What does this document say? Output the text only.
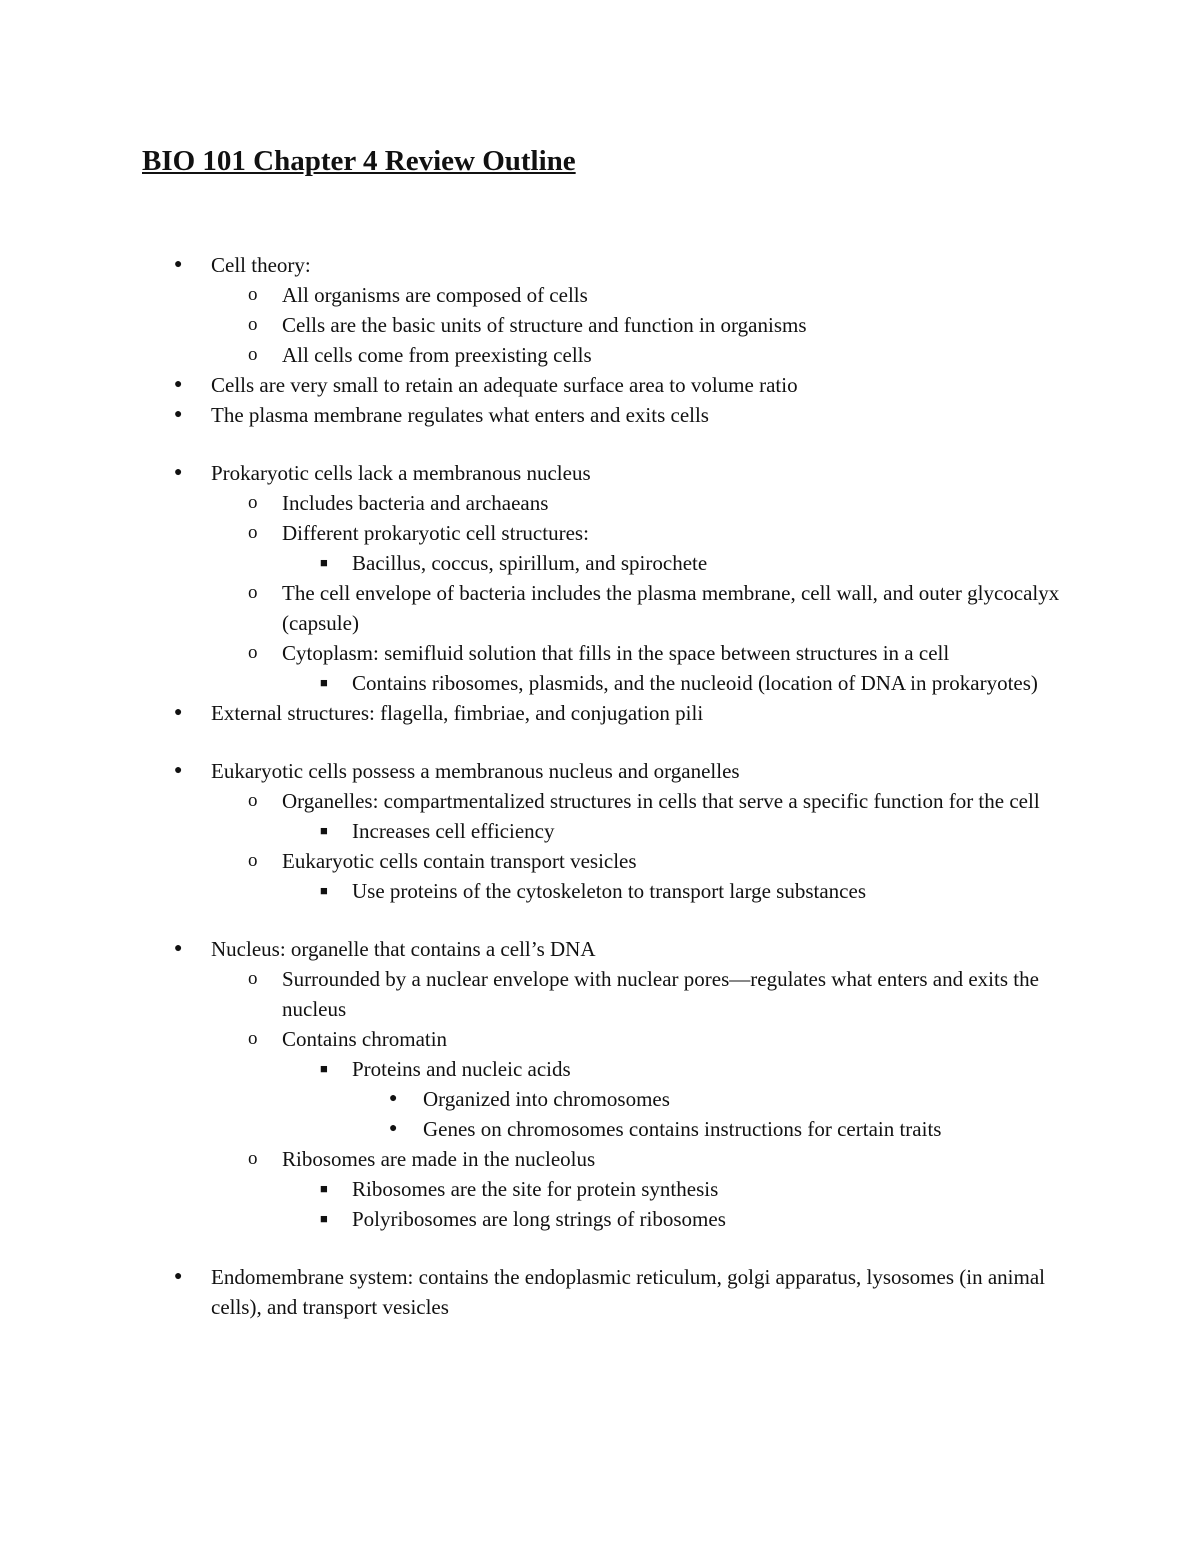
BIO 101 Chapter 4 Review Outline
● Cell theory:
o All organisms are composed of cells
o Cells are the basic units of structure and function in organisms
o All cells come from preexisting cells
● Cells are very small to retain an adequate surface area to volume ratio
● The plasma membrane regulates what enters and exits cells
● Prokaryotic cells lack a membranous nucleus
o Includes bacteria and archaeans
o Different prokaryotic cell structures:
■ Bacillus, coccus, spirillum, and spirochete
o The cell envelope of bacteria includes the plasma membrane, cell wall, and outer glycocalyx (capsule)
o Cytoplasm: semifluid solution that fills in the space between structures in a cell
■ Contains ribosomes, plasmids, and the nucleoid (location of DNA in prokaryotes)
● External structures: flagella, fimbriae, and conjugation pili
● Eukaryotic cells possess a membranous nucleus and organelles
o Organelles: compartmentalized structures in cells that serve a specific function for the cell
■ Increases cell efficiency
o Eukaryotic cells contain transport vesicles
■ Use proteins of the cytoskeleton to transport large substances
● Nucleus: organelle that contains a cell’s DNA
o Surrounded by a nuclear envelope with nuclear pores—regulates what enters and exits the nucleus
o Contains chromatin
■ Proteins and nucleic acids
● Organized into chromosomes
● Genes on chromosomes contains instructions for certain traits
o Ribosomes are made in the nucleolus
■ Ribosomes are the site for protein synthesis
■ Polyribosomes are long strings of ribosomes
● Endomembrane system: contains the endoplasmic reticulum, golgi apparatus, lysosomes (in animal cells), and transport vesicles
